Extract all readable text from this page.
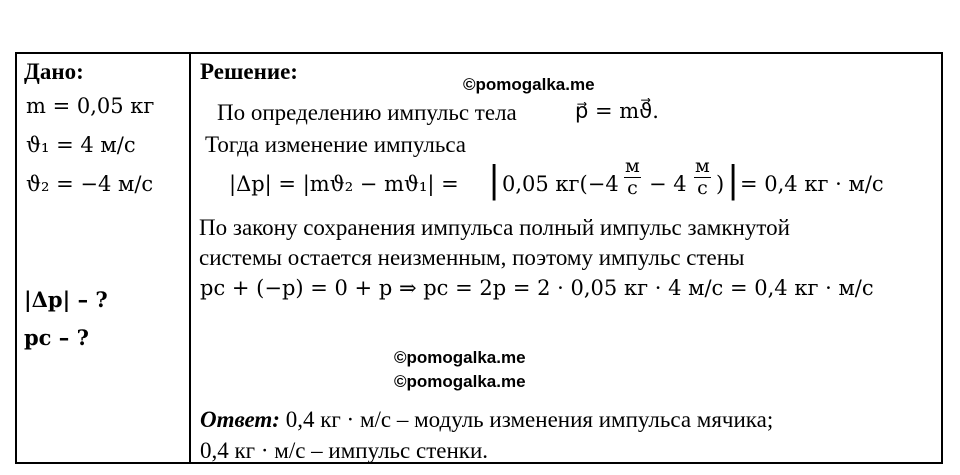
Дано:
m = 0,05 кг
ϑ₁ = 4 м/с
ϑ₂ = −4 м/с
|Δp| – ?
pс – ?
Решение:
©pomogalka.me
По определению импульс тела	p⃗ = mϑ⃗.
Тогда изменение импульса
|Δp| = |mϑ₂ − mϑ₁| = | 0,05 $кг(-4 \frac{м}{с} - 4 \frac{м}{с}$ ) | = 0,4 кг · м/с
По закону сохранения импульса полный импульс замкнутой
системы остается неизменным, поэтому импульс стены
pс + (−p) = 0 + p ⇒ pс = 2p = 2 · 0,05 кг · 4 м/с = 0,4 кг · м/с
©pomogalka.me
©pomogalka.me
Ответ: 0,4 кг · м/с – модуль изменения импульса мячика;
0,4 кг · м/с – импульс стенки.
